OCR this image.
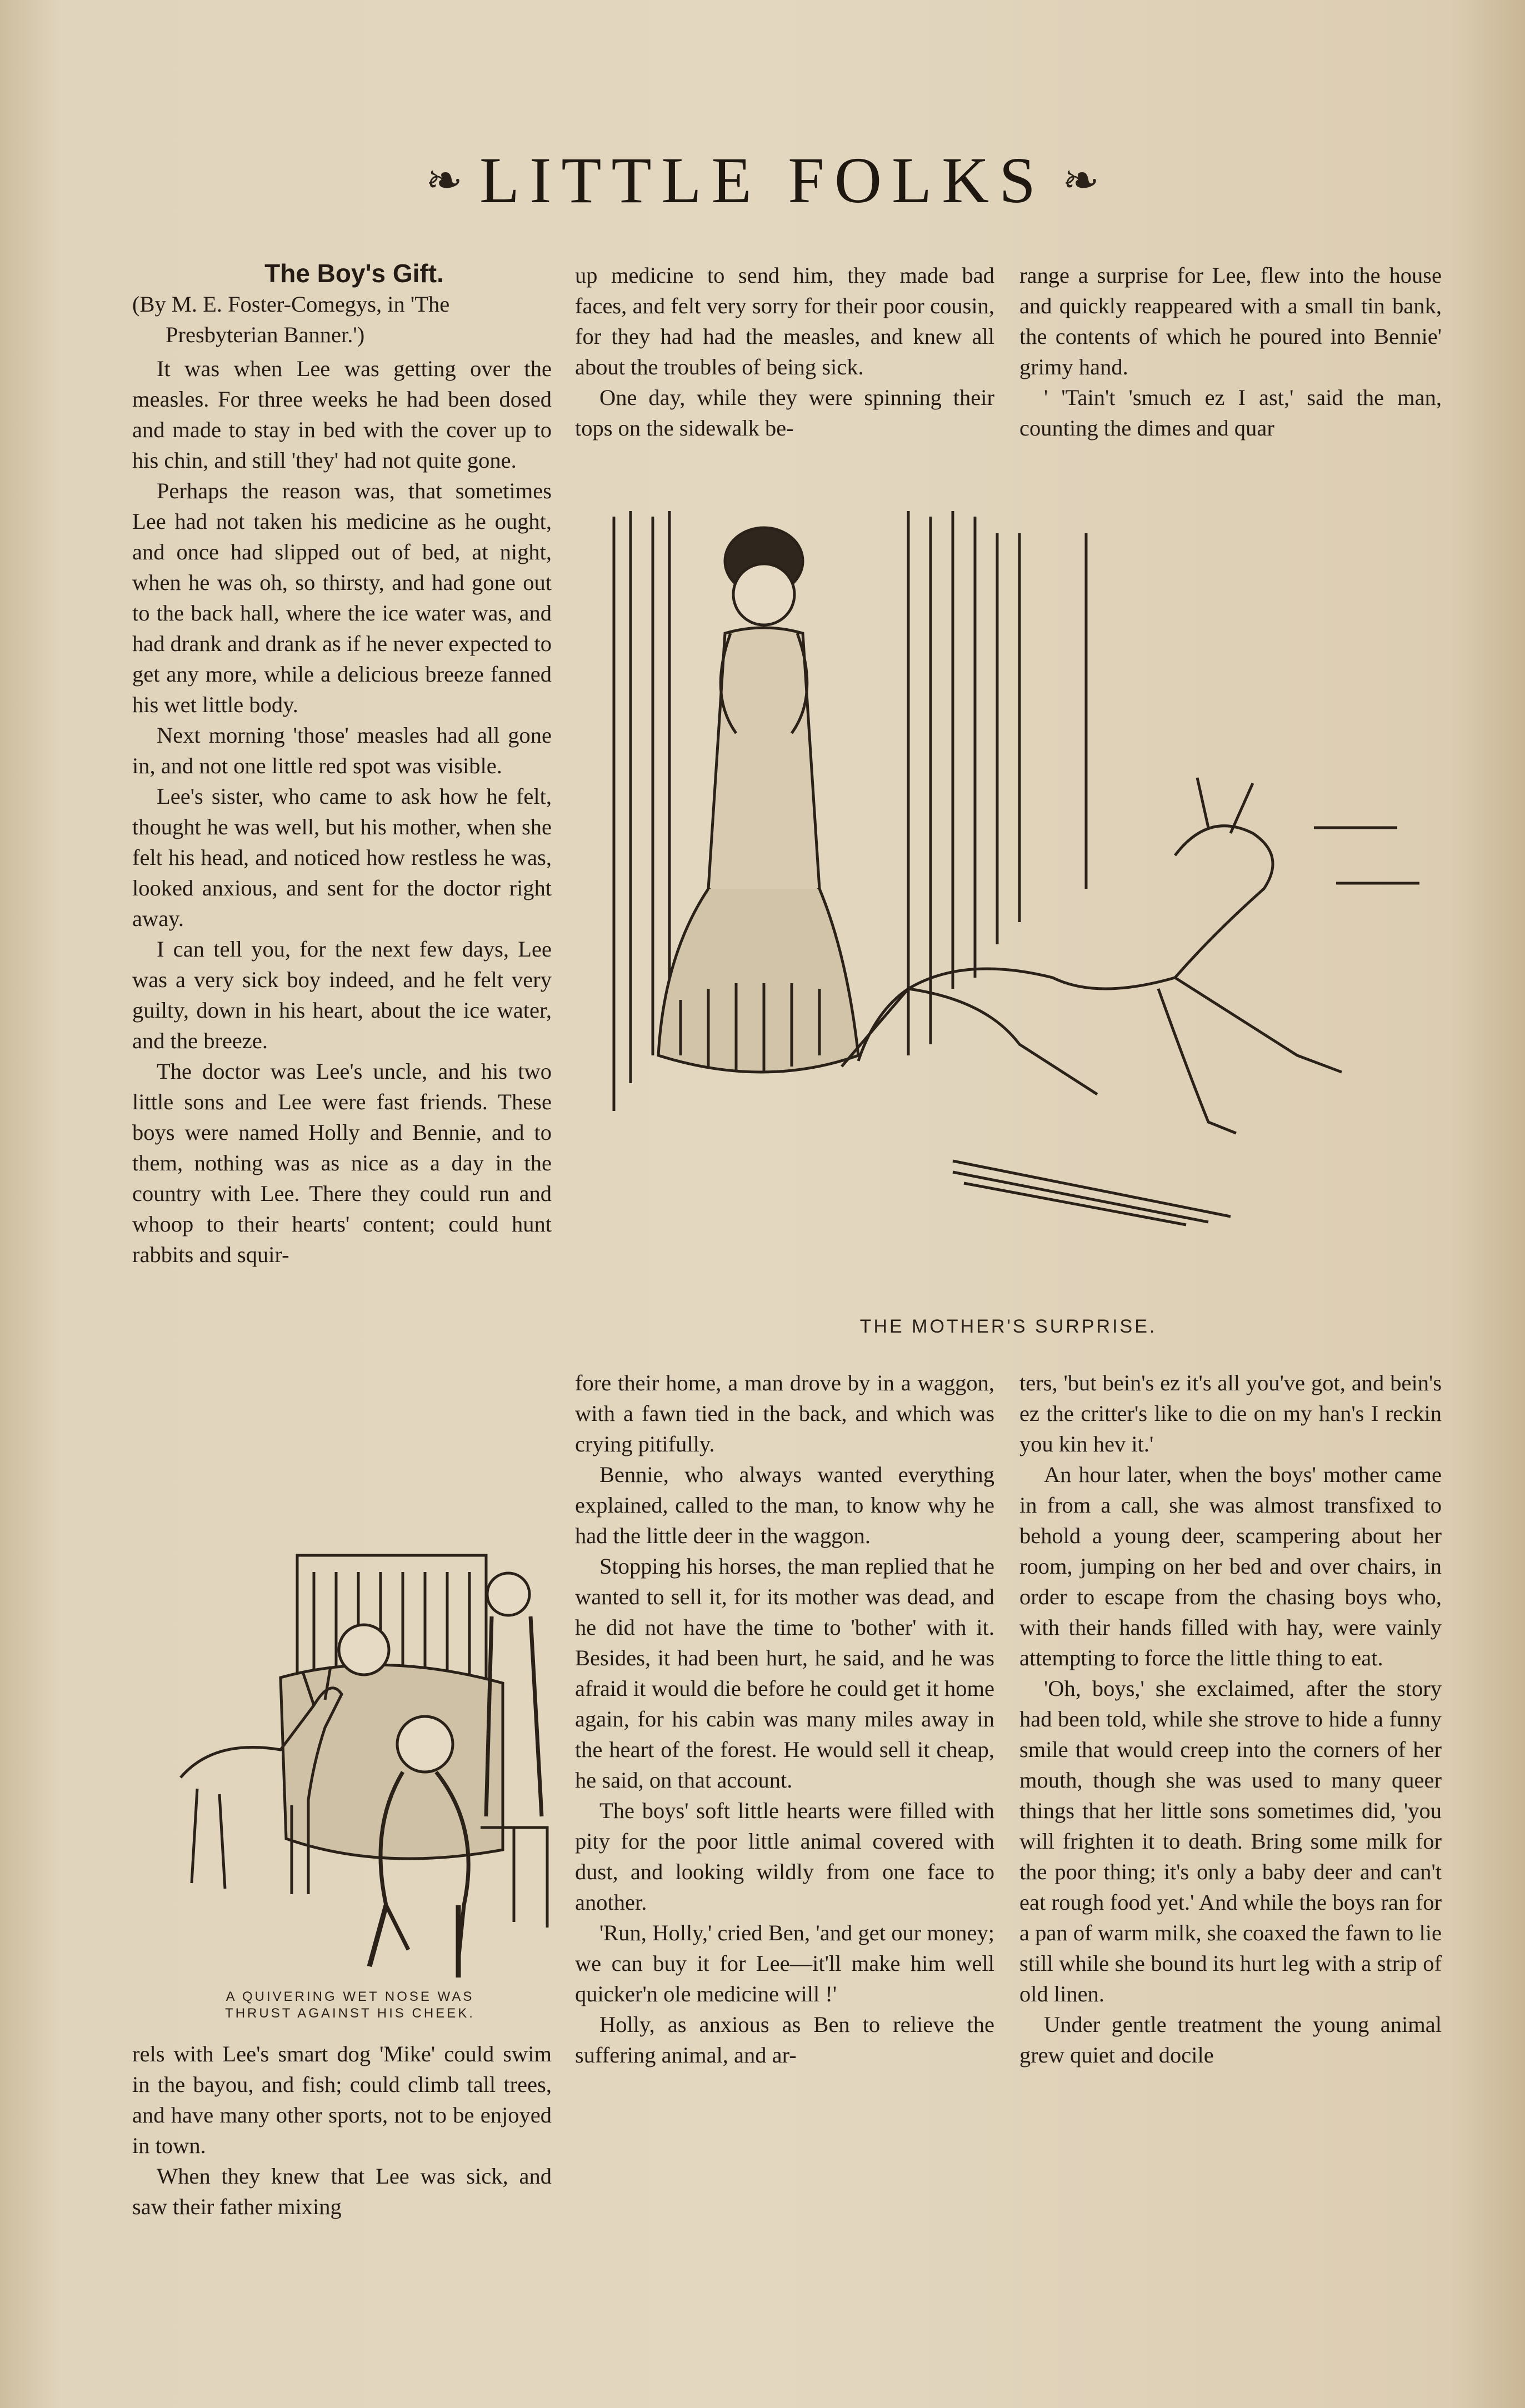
❧ LITTLE FOLKS ❧

The Boy's Gift.

(By M. E. Foster-Comegys, in 'The
Presbyterian Banner.')

It was when Lee was getting over the measles. For three weeks he had been dosed and made to stay in bed with the cover up to his chin, and still 'they' had not quite gone.

Perhaps the reason was, that sometimes Lee had not taken his medicine as he ought, and once had slipped out of bed, at night, when he was oh, so thirsty, and had gone out to the back hall, where the ice water was, and had drank and drank as if he never expected to get any more, while a delicious breeze fanned his wet little body.

Next morning 'those' measles had all gone in, and not one little red spot was visible.

Lee's sister, who came to ask how he felt, thought he was well, but his mother, when she felt his head, and noticed how restless he was, looked anxious, and sent for the doctor right away.

I can tell you, for the next few days, Lee was a very sick boy indeed, and he felt very guilty, down in his heart, about the ice water, and the breeze.

The doctor was Lee's uncle, and his two little sons and Lee were fast friends. These boys were named Holly and Bennie, and to them, nothing was as nice as a day in the country with Lee. There they could run and whoop to their hearts' content; could hunt rabbits and squir-

A QUIVERING WET NOSE WAS
THRUST AGAINST HIS CHEEK.

rels with Lee's smart dog 'Mike' could swim in the bayou, and fish; could climb tall trees, and have many other sports, not to be enjoyed in town.

When they knew that Lee was sick, and saw their father mixing

up medicine to send him, they made bad faces, and felt very sorry for their poor cousin, for they had had the measles, and knew all about the troubles of being sick.

One day, while they were spinning their tops on the sidewalk be-

range a surprise for Lee, flew into the house and quickly reappeared with a small tin bank, the contents of which he poured into Bennie' grimy hand.

' 'Tain't 'smuch ez I ast,' said the man, counting the dimes and quar

THE MOTHER'S SURPRISE.

fore their home, a man drove by in a waggon, with a fawn tied in the back, and which was crying pitifully.

Bennie, who always wanted everything explained, called to the man, to know why he had the little deer in the waggon.

Stopping his horses, the man replied that he wanted to sell it, for its mother was dead, and he did not have the time to 'bother' with it. Besides, it had been hurt, he said, and he was afraid it would die before he could get it home again, for his cabin was many miles away in the heart of the forest. He would sell it cheap, he said, on that account.

The boys' soft little hearts were filled with pity for the poor little animal covered with dust, and looking wildly from one face to another.

'Run, Holly,' cried Ben, 'and get our money; we can buy it for Lee—it'll make him well quicker'n ole medicine will !'

Holly, as anxious as Ben to relieve the suffering animal, and ar-

ters, 'but bein's ez it's all you've got, and bein's ez the critter's like to die on my han's I reckin you kin hev it.'

An hour later, when the boys' mother came in from a call, she was almost transfixed to behold a young deer, scampering about her room, jumping on her bed and over chairs, in order to escape from the chasing boys who, with their hands filled with hay, were vainly attempting to force the little thing to eat.

'Oh, boys,' she exclaimed, after the story had been told, while she strove to hide a funny smile that would creep into the corners of her mouth, though she was used to many queer things that her little sons sometimes did, 'you will frighten it to death. Bring some milk for the poor thing; it's only a baby deer and can't eat rough food yet.' And while the boys ran for a pan of warm milk, she coaxed the fawn to lie still while she bound its hurt leg with a strip of old linen.

Under gentle treatment the young animal grew quiet and docile
